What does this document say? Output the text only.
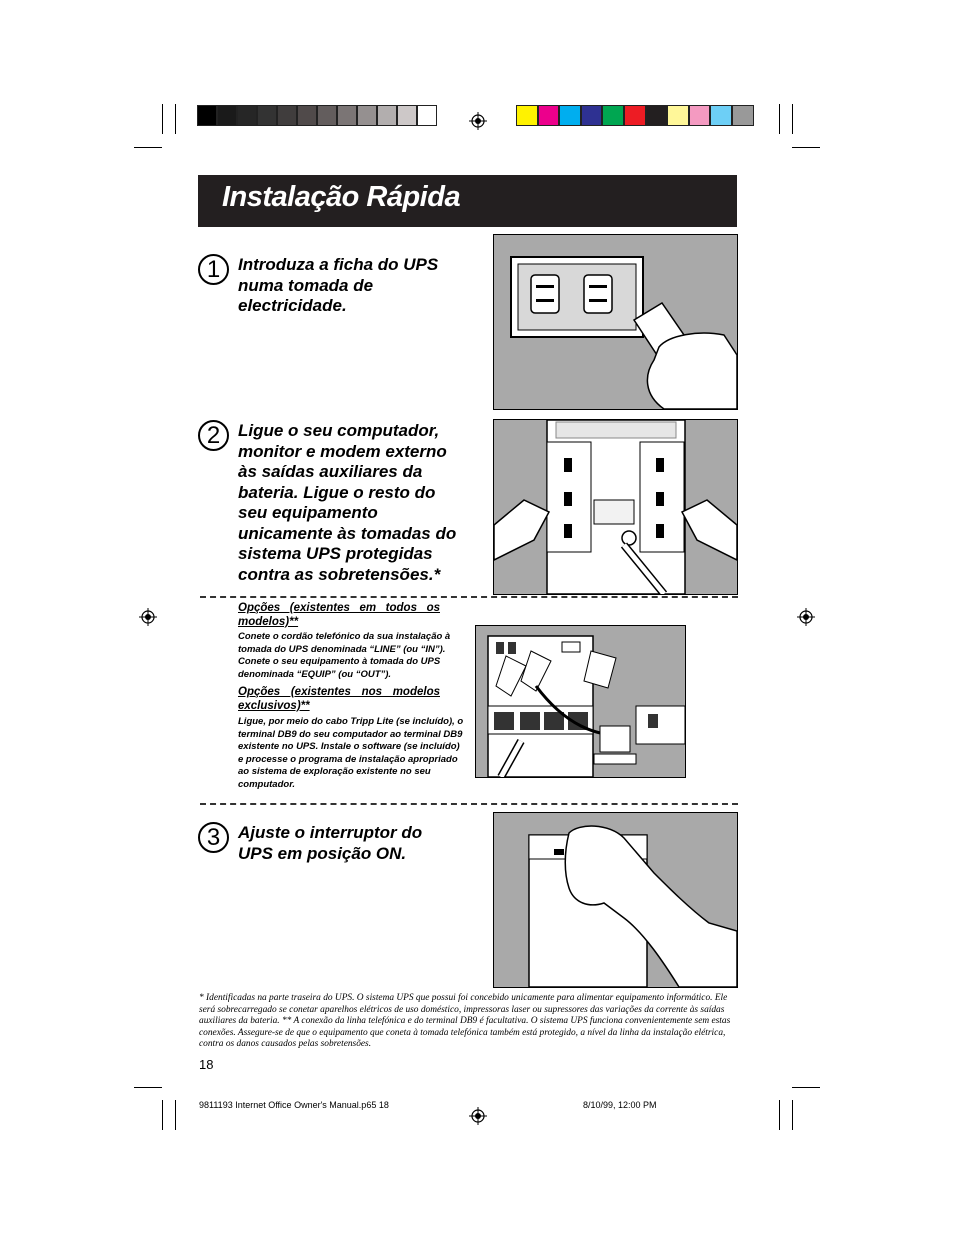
Instalação Rápida
1	Introduza a ficha do UPS numa tomada de electricidade.
2	Ligue o seu computador, monitor e modem externo às saídas auxiliares da bateria. Ligue o resto do seu equipamento unicamente às tomadas do sistema UPS protegidas contra as sobretensões.*
Opções (existentes em todos os modelos)**
Conete o cordão telefónico da sua instalação à tomada do UPS denominada “LINE” (ou “IN”). Conete o seu equipamento à tomada do UPS denominada “EQUIP” (ou “OUT”).
Opções (existentes nos modelos exclusivos)**
Ligue, por meio do cabo Tripp Lite (se incluído), o terminal DB9 do seu computador ao terminal DB9 existente no UPS. Instale o software (se incluído) e processe o programa de instalação apropriado ao sistema de exploração existente no seu computador.
3	Ajuste o interruptor do UPS em posição ON.
* Identificadas na parte traseira do UPS. O sistema UPS que possui foi concebido unicamente para alimentar equipamento informático. Ele será sobrecarregado se conetar aparelhos elétricos de uso doméstico, impressoras laser ou supressores das variações da corrente às saídas auxiliares da bateria. ** A conexão da linha telefónica e do terminal DB9 é facultativa. O sistema UPS funciona convenientemente sem estas conexões. Assegure-se de que o equipamento que coneta à tomada telefónica também está protegido, a nível da linha da instalação elétrica, contra os danos causados pelas sobretensões.
18
9811193 Internet Office Owner's Manual.p65 18	8/10/99, 12:00 PM
